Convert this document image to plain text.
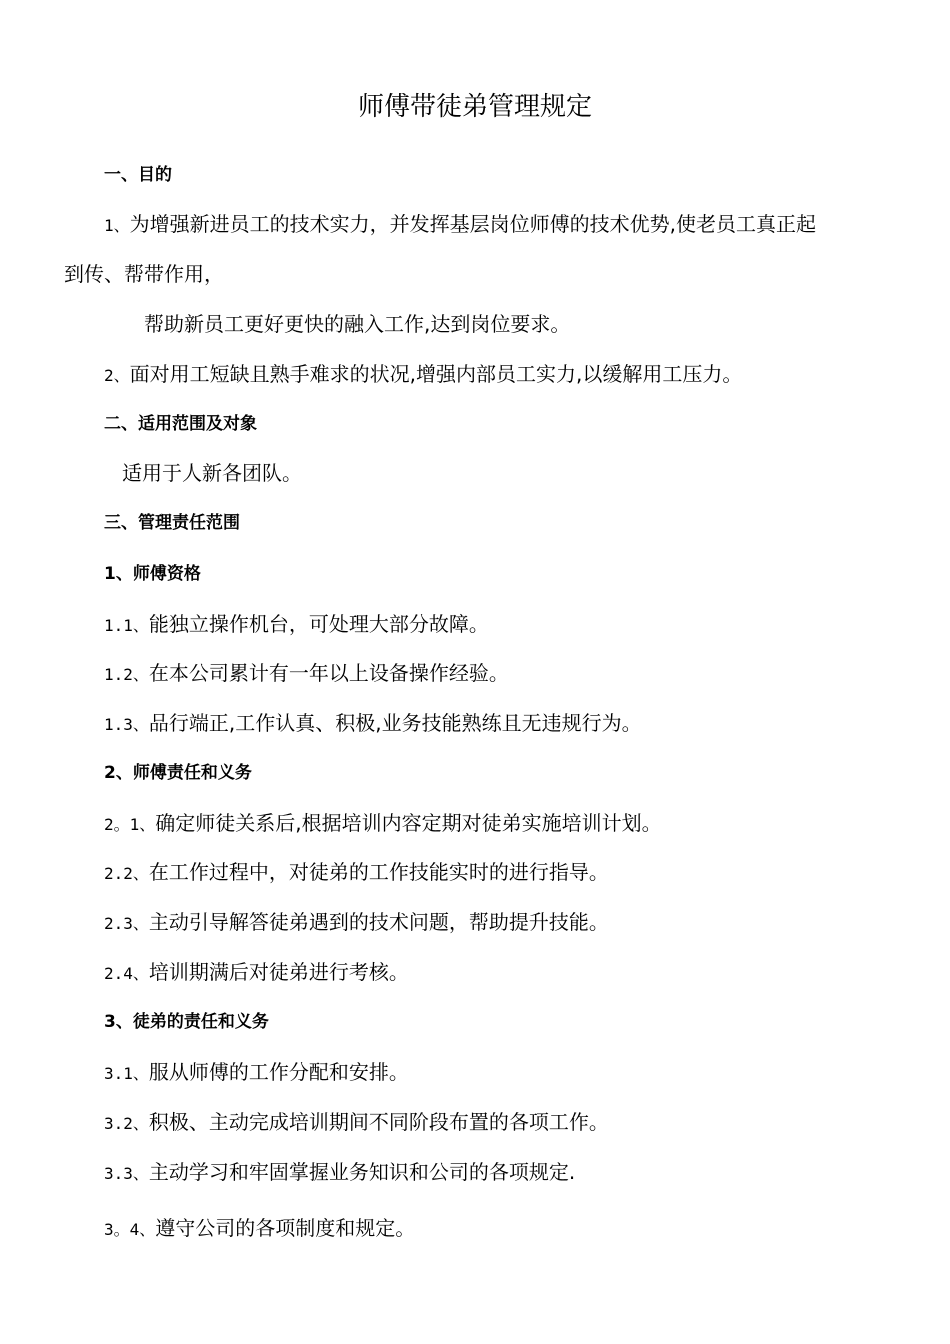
师傅带徒弟管理规定
一、目的
1、为增强新进员工的技术实力，并发挥基层岗位师傅的技术优势,使老员工真正起
到传、帮带作用，
帮助新员工更好更快的融入工作,达到岗位要求。
2、面对用工短缺且熟手难求的状况,增强内部员工实力,以缓解用工压力。
二、适用范围及对象
适用于人新各团队。
三、管理责任范围
1、师傅资格
1.1、能独立操作机台，可处理大部分故障。
1.2、在本公司累计有一年以上设备操作经验。
1.3、品行端正,工作认真、积极,业务技能熟练且无违规行为。
2、师傅责任和义务
2。1、确定师徒关系后,根据培训内容定期对徒弟实施培训计划。
2.2、在工作过程中，对徒弟的工作技能实时的进行指导。
2.3、主动引导解答徒弟遇到的技术问题，帮助提升技能。
2.4、培训期满后对徒弟进行考核。
3、徒弟的责任和义务
3.1、服从师傅的工作分配和安排。
3.2、积极、主动完成培训期间不同阶段布置的各项工作。
3.3、主动学习和牢固掌握业务知识和公司的各项规定.
3。4、遵守公司的各项制度和规定。
